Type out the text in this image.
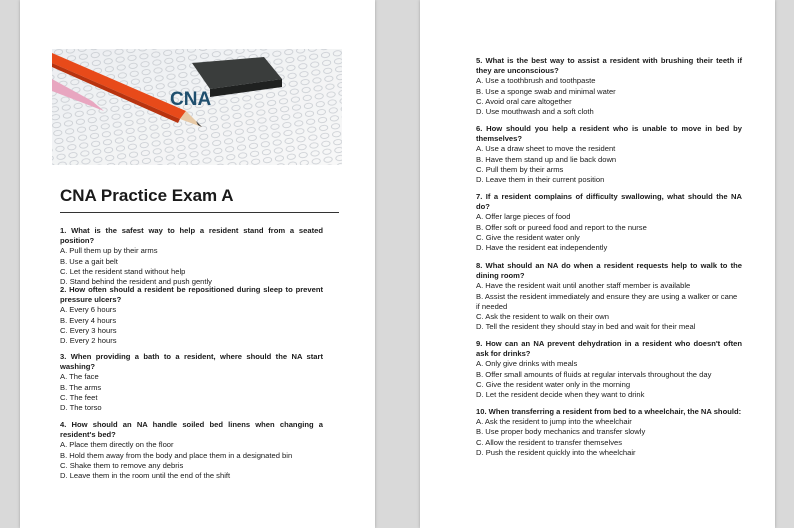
CNA
CNA Practice Exam A
1. What is the safest way to help a resident stand from a seated position?
A. Pull them up by their arms
B. Use a gait belt
C. Let the resident stand without help
D. Stand behind the resident and push gently
2. How often should a resident be repositioned during sleep to prevent pressure ulcers?
A. Every 6 hours
B. Every 4 hours
C. Every 3 hours
D. Every 2 hours
3. When providing a bath to a resident, where should the NA start washing?
A. The face
B. The arms
C. The feet
D. The torso
4. How should an NA handle soiled bed linens when changing a resident's bed?
A. Place them directly on the floor
B. Hold them away from the body and place them in a designated bin
C. Shake them to remove any debris
D. Leave them in the room until the end of the shift
5. What is the best way to assist a resident with brushing their teeth if they are unconscious?
A. Use a toothbrush and toothpaste
B. Use a sponge swab and minimal water
C. Avoid oral care altogether
D. Use mouthwash and a soft cloth
6. How should you help a resident who is unable to move in bed by themselves?
A. Use a draw sheet to move the resident
B. Have them stand up and lie back down
C. Pull them by their arms
D. Leave them in their current position
7. If a resident complains of difficulty swallowing, what should the NA do?
A. Offer large pieces of food
B. Offer soft or pureed food and report to the nurse
C. Give the resident water only
D. Have the resident eat independently
8. What should an NA do when a resident requests help to walk to the dining room?
A. Have the resident wait until another staff member is available
B. Assist the resident immediately and ensure they are using a walker or cane if needed
C. Ask the resident to walk on their own
D. Tell the resident they should stay in bed and wait for their meal
9. How can an NA prevent dehydration in a resident who doesn't often ask for drinks?
A. Only give drinks with meals
B. Offer small amounts of fluids at regular intervals throughout the day
C. Give the resident water only in the morning
D. Let the resident decide when they want to drink
10. When transferring a resident from bed to a wheelchair, the NA should:
A. Ask the resident to jump into the wheelchair
B. Use proper body mechanics and transfer slowly
C. Allow the resident to transfer themselves
D. Push the resident quickly into the wheelchair
